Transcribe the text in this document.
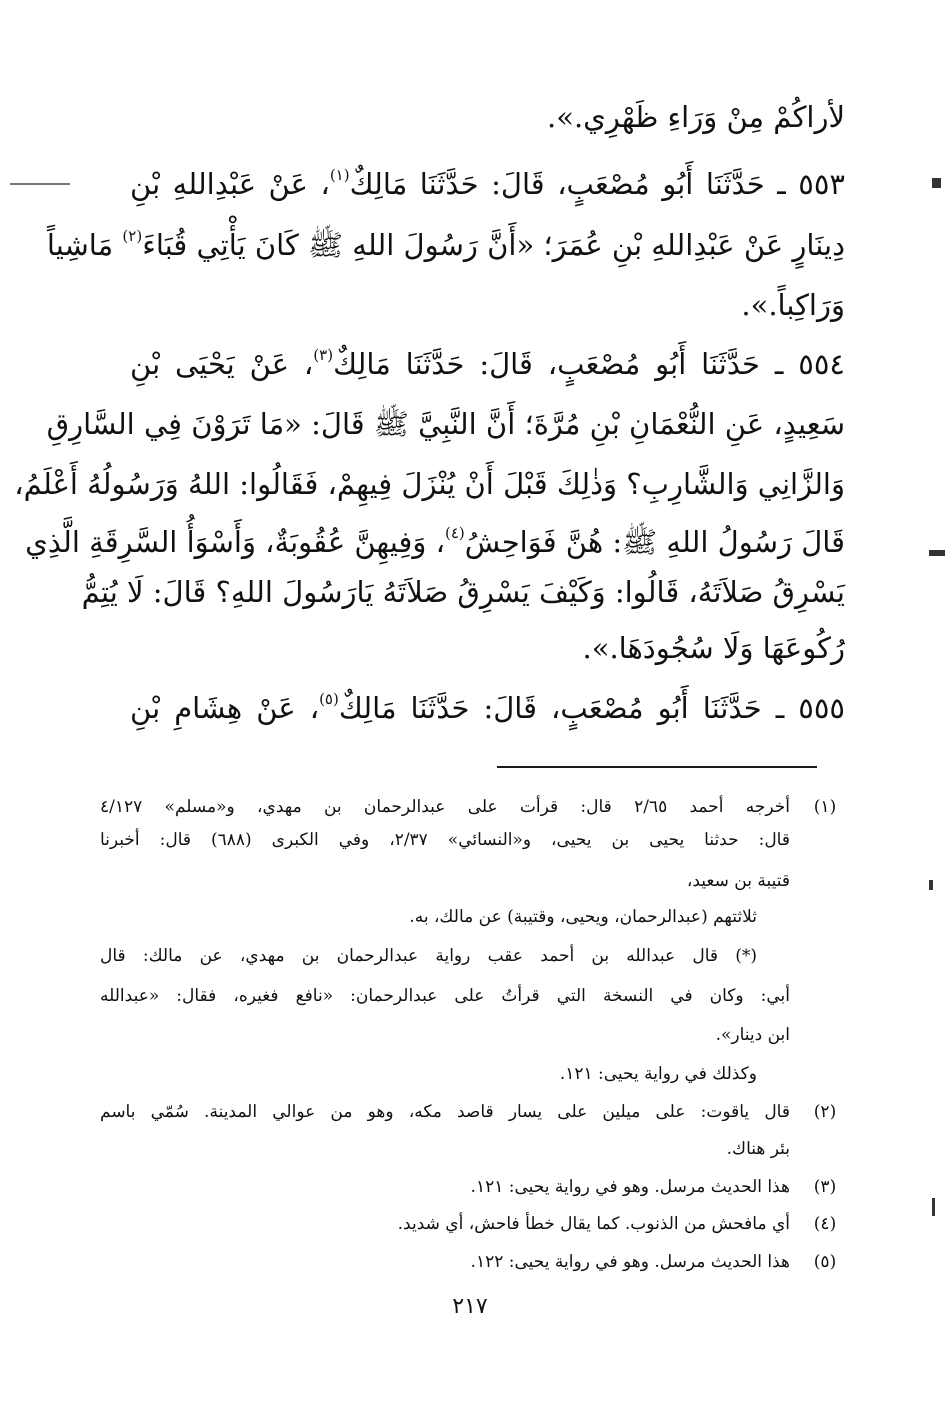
لأراكُمْ مِنْ وَرَاءِ ظَهْرِي.».
٥٥٣ ـ حَدَّثَنَا أَبُو مُصْعَبٍ، قَالَ: حَدَّثَنَا مَالِكٌ$^{(١)}$، عَنْ عَبْدِاللهِ بْنِ
دِينَارٍ عَنْ عَبْدِاللهِ بْنِ عُمَرَ؛ «أَنَّ رَسُولَ اللهِ ﷺ كَانَ يَأْتِي قُبَاءَ$^{(٢)}$ مَاشِياً
وَرَاكِباً.».
٥٥٤ ـ حَدَّثَنَا أَبُو مُصْعَبٍ، قَالَ: حَدَّثَنَا مَالِكٌ$^{(٣)}$، عَنْ يَحْيَى بْنِ
سَعِيدٍ، عَنِ النُّعْمَانِ بْنِ مُرَّةَ؛ أَنَّ النَّبِيَّ ﷺ قَالَ: «مَا تَرَوْنَ فِي السَّارِقِ
وَالزَّانِي وَالشَّارِبِ؟ وَذٰلِكَ قَبْلَ أَنْ يُنْزَلَ فِيهِمْ، فَقَالُوا: اللهُ وَرَسُولُهُ أَعْلَمُ،
قَالَ رَسُولُ اللهِ ﷺ: هُنَّ فَوَاحِشُ$^{(٤)}$، وَفِيهِنَّ عُقُوبَةٌ، وَأَسْوَأُ السَّرِقَةِ الَّذِي
يَسْرِقُ صَلاَتَهُ، قَالُوا: وَكَيْفَ يَسْرِقُ صَلاَتَهُ يَارَسُولَ اللهِ؟ قَالَ: لَا يُتِمُّ
رُكُوعَهَا وَلَا سُجُودَهَا.».
٥٥٥ ـ حَدَّثَنَا أَبُو مُصْعَبٍ، قَالَ: حَدَّثَنَا مَالِكٌ$^{(٥)}$، عَنْ هِشَامِ بْنِ
(١)
أخرجه أحمد ٢/٦٥ قال: قرأت على عبدالرحمان بن مهدي، و«مسلم» ٤/١٢٧
قال: حدثنا يحيى بن يحيى، و«النسائي» ٢/٣٧، وفي الكبرى (٦٨٨) قال: أخبرنا
قتيبة بن سعيد،
ثلاثتهم (عبدالرحمان، ويحيى، وقتيبة) عن مالك، به.
(*) قال عبدالله بن أحمد عقب رواية عبدالرحمان بن مهدي، عن مالك: قال
أبي: وكان في النسخة التي قرأتُ على عبدالرحمان: «نافع فغيره، فقال: «عبدالله
ابن دينار».
وكذلك في رواية يحيى: ١٢١.
(٢)
قال ياقوت: على ميلين على يسار قاصد مكه، وهو من عوالي المدينة. سُمّي باسم
بئر هناك.
(٣)
هذا الحديث مرسل. وهو في رواية يحيى: ١٢١.
(٤)
أي مافحش من الذنوب. كما يقال خطأ فاحش، أي شديد.
(٥)
هذا الحديث مرسل. وهو في رواية يحيى: ١٢٢.
٢١٧
